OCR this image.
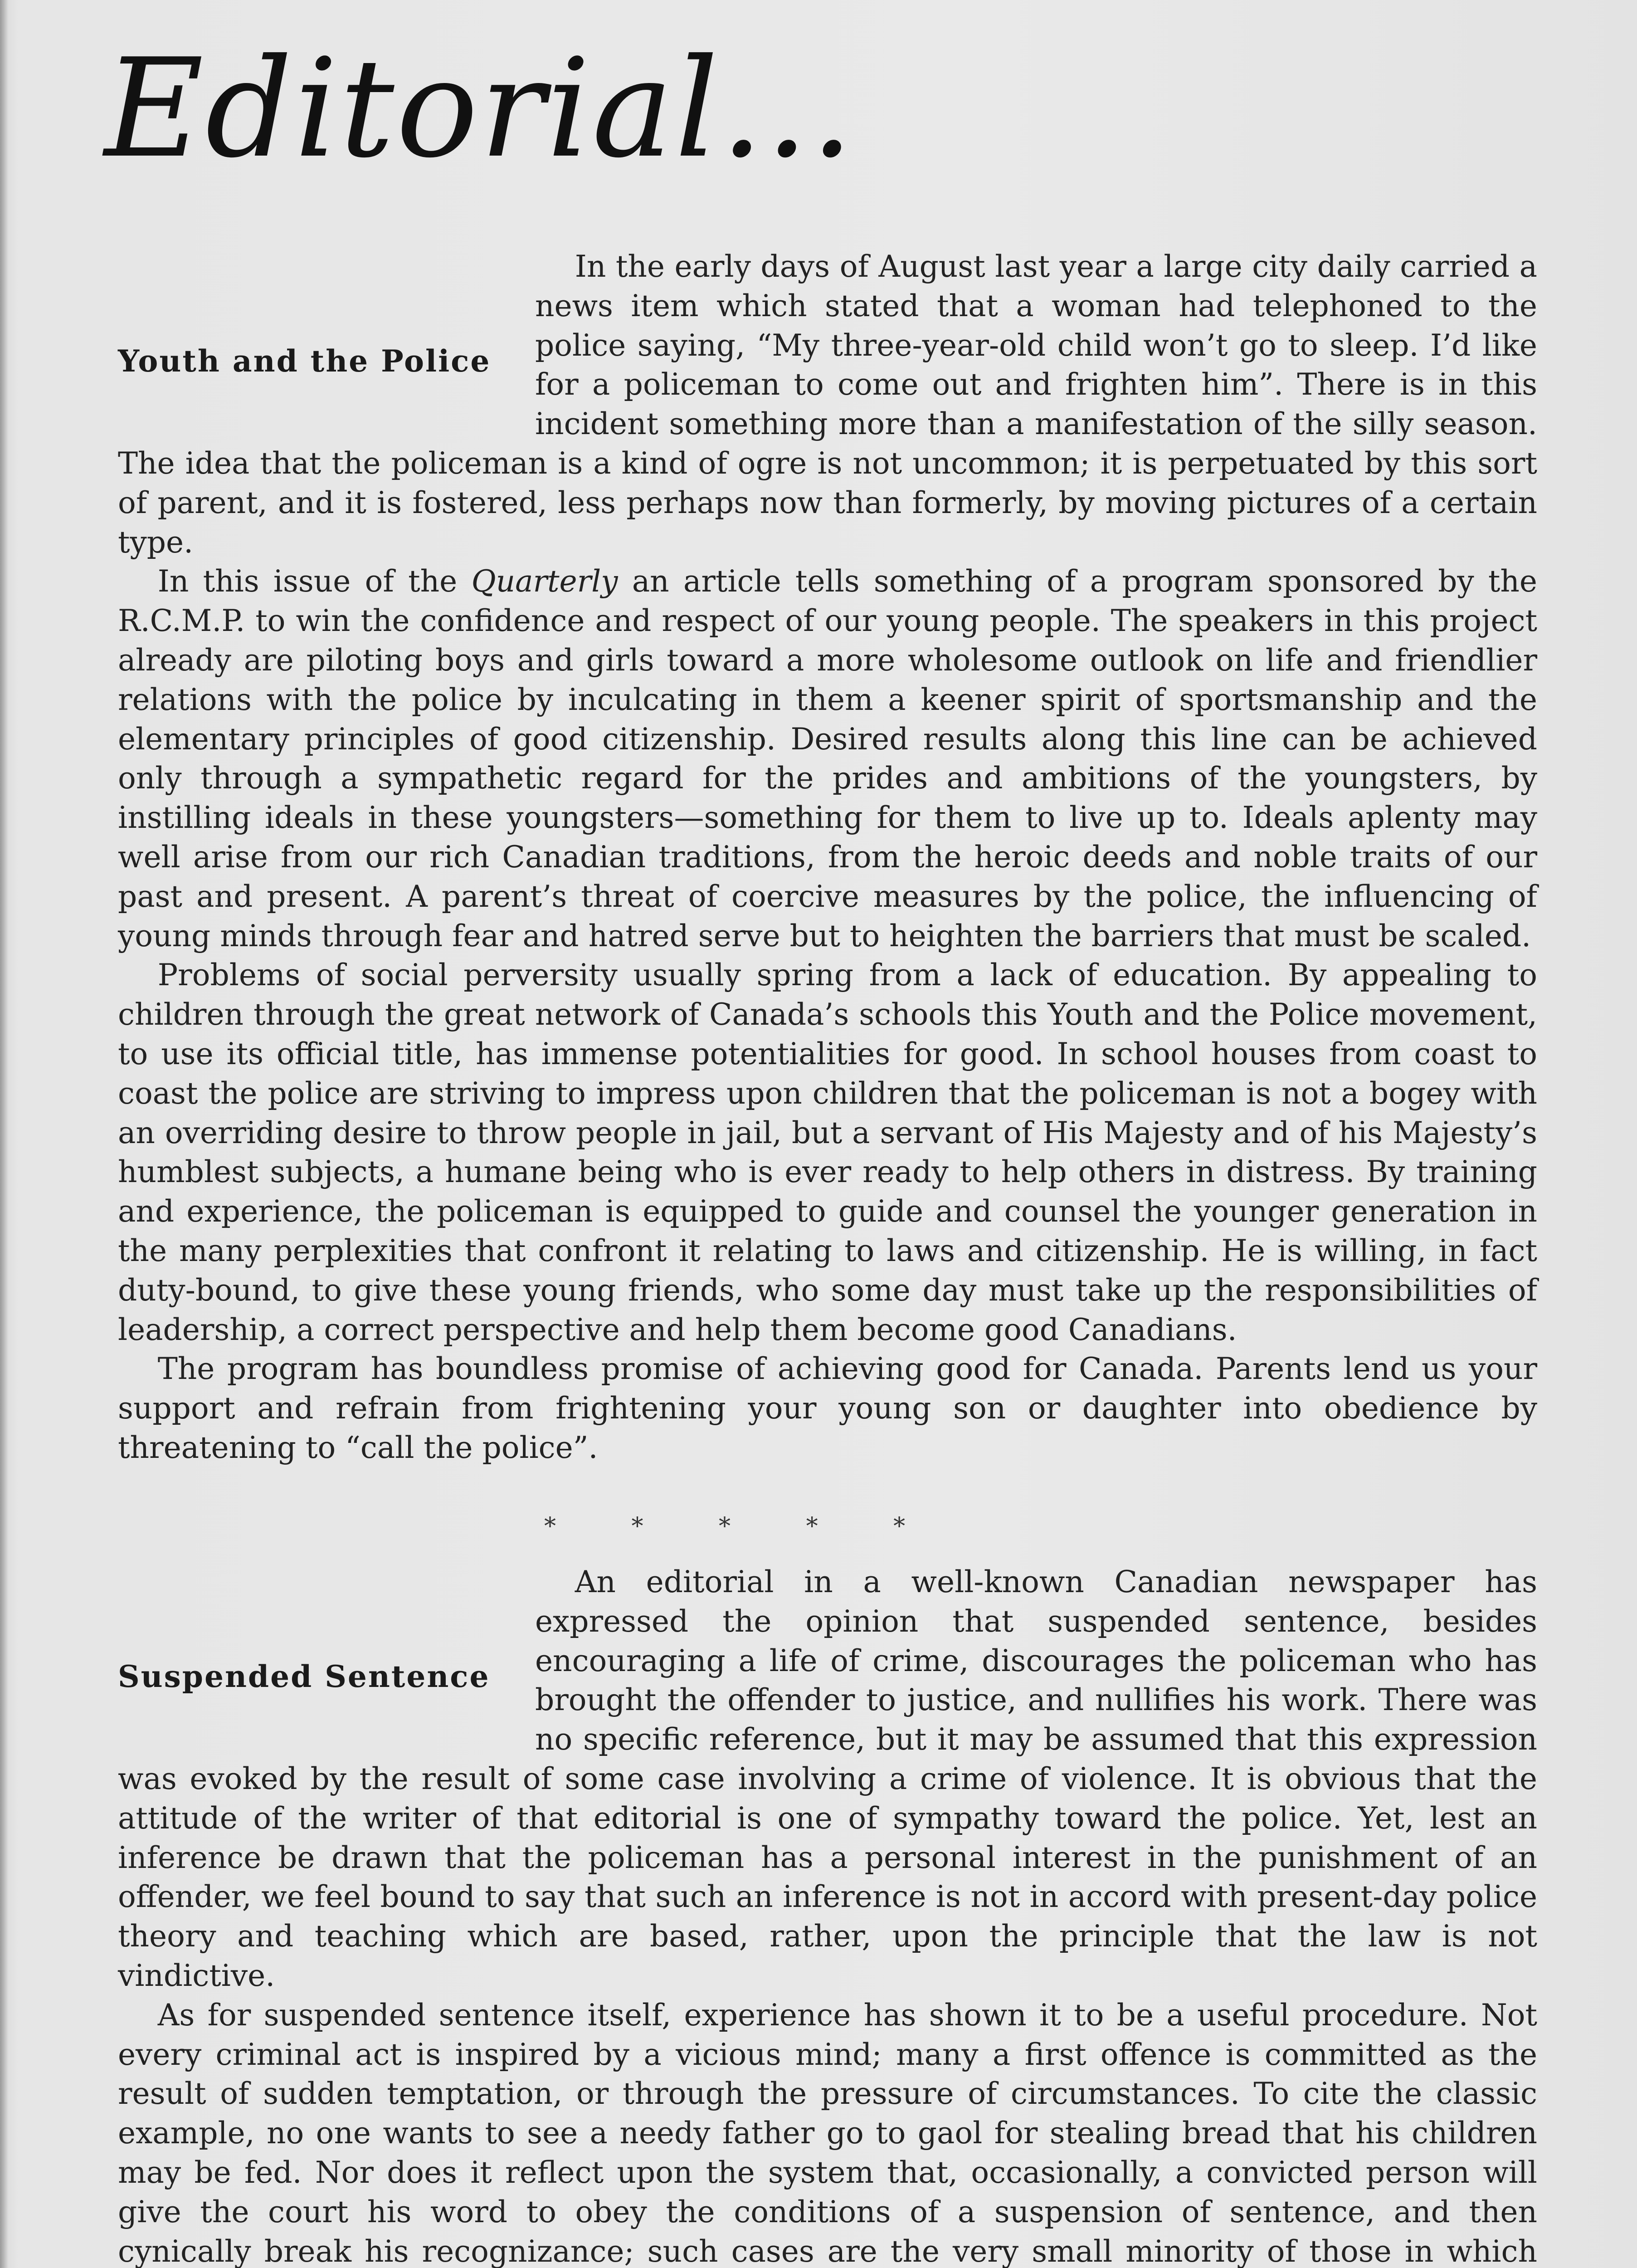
Editorial...
Youth and the Police

In the early days of August last year a large city daily carried a news item which stated that a woman had telephoned to the police saying, “My three-year-old child won’t go to sleep. I’d like for a policeman to come out and frighten him”. There is in this incident something more than a manifestation of the silly season. The idea that the policeman is a kind of ogre is not uncommon; it is perpetuated by this sort of parent, and it is fostered, less perhaps now than formerly, by moving pictures of a certain type.

In this issue of the Quarterly an article tells something of a program sponsored by the R.C.M.P. to win the confidence and respect of our young people. The speakers in this project already are piloting boys and girls toward a more wholesome outlook on life and friendlier relations with the police by inculcating in them a keener spirit of sportsmanship and the elementary principles of good citizenship. Desired results along this line can be achieved only through a sympathetic regard for the prides and ambitions of the youngsters, by instilling ideals in these youngsters—something for them to live up to. Ideals aplenty may well arise from our rich Canadian traditions, from the heroic deeds and noble traits of our past and present. A parent’s threat of coercive measures by the police, the influencing of young minds through fear and hatred serve but to heighten the barriers that must be scaled.

Problems of social perversity usually spring from a lack of education. By appealing to children through the great network of Canada’s schools this Youth and the Police movement, to use its official title, has immense potentialities for good. In school houses from coast to coast the police are striving to impress upon children that the policeman is not a bogey with an overriding desire to throw people in jail, but a servant of His Majesty and of his Majesty’s humblest subjects, a humane being who is ever ready to help others in distress. By training and experience, the policeman is equipped to guide and counsel the younger generation in the many perplexities that confront it relating to laws and citizenship. He is willing, in fact duty-bound, to give these young friends, who some day must take up the responsibilities of leadership, a correct perspective and help them become good Canadians.

The program has boundless promise of achieving good for Canada. Parents lend us your support and refrain from frightening your young son or daughter into obedience by threatening to “call the police”.

* * * * *
Suspended Sentence

An editorial in a well-known Canadian newspaper has expressed the opinion that suspended sentence, besides encouraging a life of crime, discourages the policeman who has brought the offender to justice, and nullifies his work. There was no specific reference, but it may be assumed that this expression was evoked by the result of some case involving a crime of violence. It is obvious that the attitude of the writer of that editorial is one of sympathy toward the police. Yet, lest an inference be drawn that the policeman has a personal interest in the punishment of an offender, we feel bound to say that such an inference is not in accord with present-day police theory and teaching which are based, rather, upon the principle that the law is not vindictive.

As for suspended sentence itself, experience has shown it to be a useful procedure. Not every criminal act is inspired by a vicious mind; many a first offence is committed as the result of sudden temptation, or through the pressure of circumstances. To cite the classic example, no one wants to see a needy father go to gaol for stealing bread that his children may be fed. Nor does it reflect upon the system that, occasionally, a convicted person will give the court his word to obey the conditions of a suspension of sentence, and then cynically break his recognizance; such cases are the very small minority of those in which
